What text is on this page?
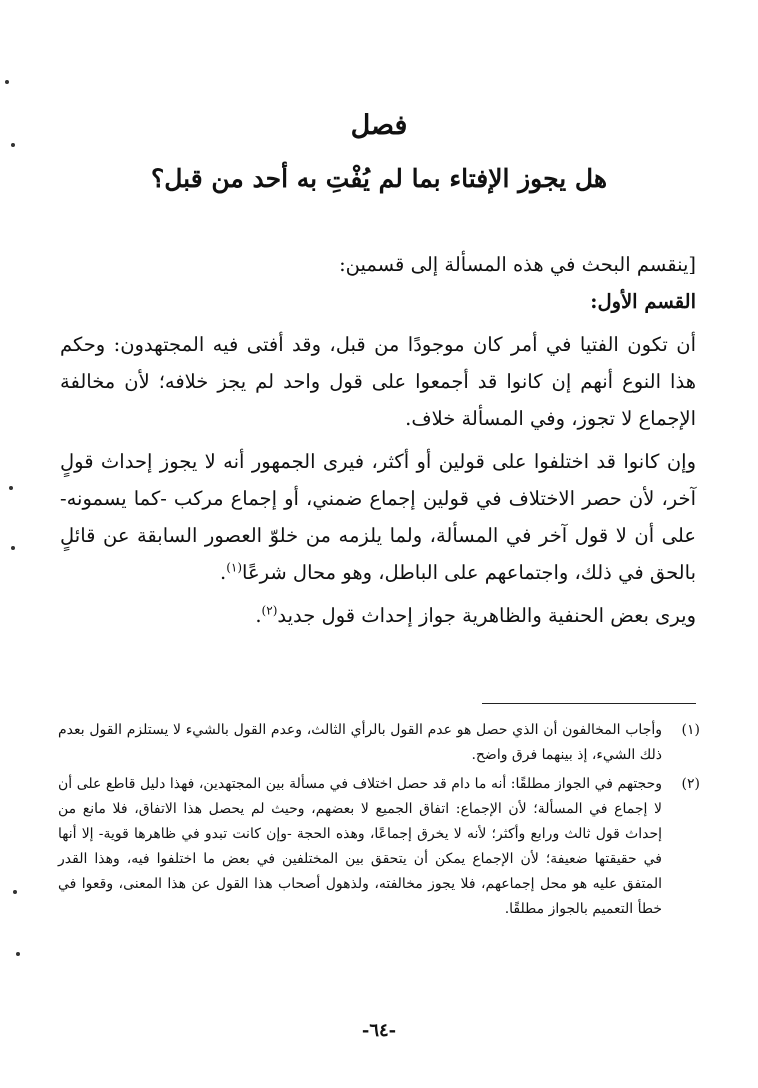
فصل
هل يجوز الإفتاء بما لم يُفْتِ به أحد من قبل؟

[ينقسم البحث في هذه المسألة إلى قسمين:

القسم الأول:

أن تكون الفتيا في أمر كان موجودًا من قبل، وقد أفتى فيه المجتهدون: وحكم هذا النوع أنهم إن كانوا قد أجمعوا على قول واحد لم يجز خلافه؛ لأن مخالفة الإجماع لا تجوز، وفي المسألة خلاف.

وإن كانوا قد اختلفوا على قولين أو أكثر، فيرى الجمهور أنه لا يجوز إحداث قولٍ آخر، لأن حصر الاختلاف في قولين إجماع ضمني، أو إجماع مركب -كما يسمونه- على أن لا قول آخر في المسألة، ولما يلزمه من خلوّ العصور السابقة عن قائلٍ بالحق في ذلك، واجتماعهم على الباطل، وهو محال شرعًا$^{(١)}$.

ويرى بعض الحنفية والظاهرية جواز إحداث قول جديد$^{(٢)}$.

(١)
وأجاب المخالفون أن الذي حصل هو عدم القول بالرأي الثالث، وعدم القول بالشيء لا يستلزم القول بعدم ذلك الشيء، إذ بينهما فرق واضح.

(٢)
وحجتهم في الجواز مطلقًا: أنه ما دام قد حصل اختلاف في مسألة بين المجتهدين، فهذا دليل قاطع على أن لا إجماع في المسألة؛ لأن الإجماع: اتفاق الجميع لا بعضهم، وحيث لم يحصل هذا الاتفاق، فلا مانع من إحداث قول ثالث ورابع وأكثر؛ لأنه لا يخرق إجماعًا، وهذه الحجة -وإن كانت تبدو في ظاهرها قوية- إلا أنها في حقيقتها ضعيفة؛ لأن الإجماع يمكن أن يتحقق بين المختلفين في بعض ما اختلفوا فيه، وهذا القدر المتفق عليه هو محل إجماعهم، فلا يجوز مخالفته، ولذهول أصحاب هذا القول عن هذا المعنى، وقعوا في خطأ التعميم بالجواز مطلقًا.

-٦٤-
